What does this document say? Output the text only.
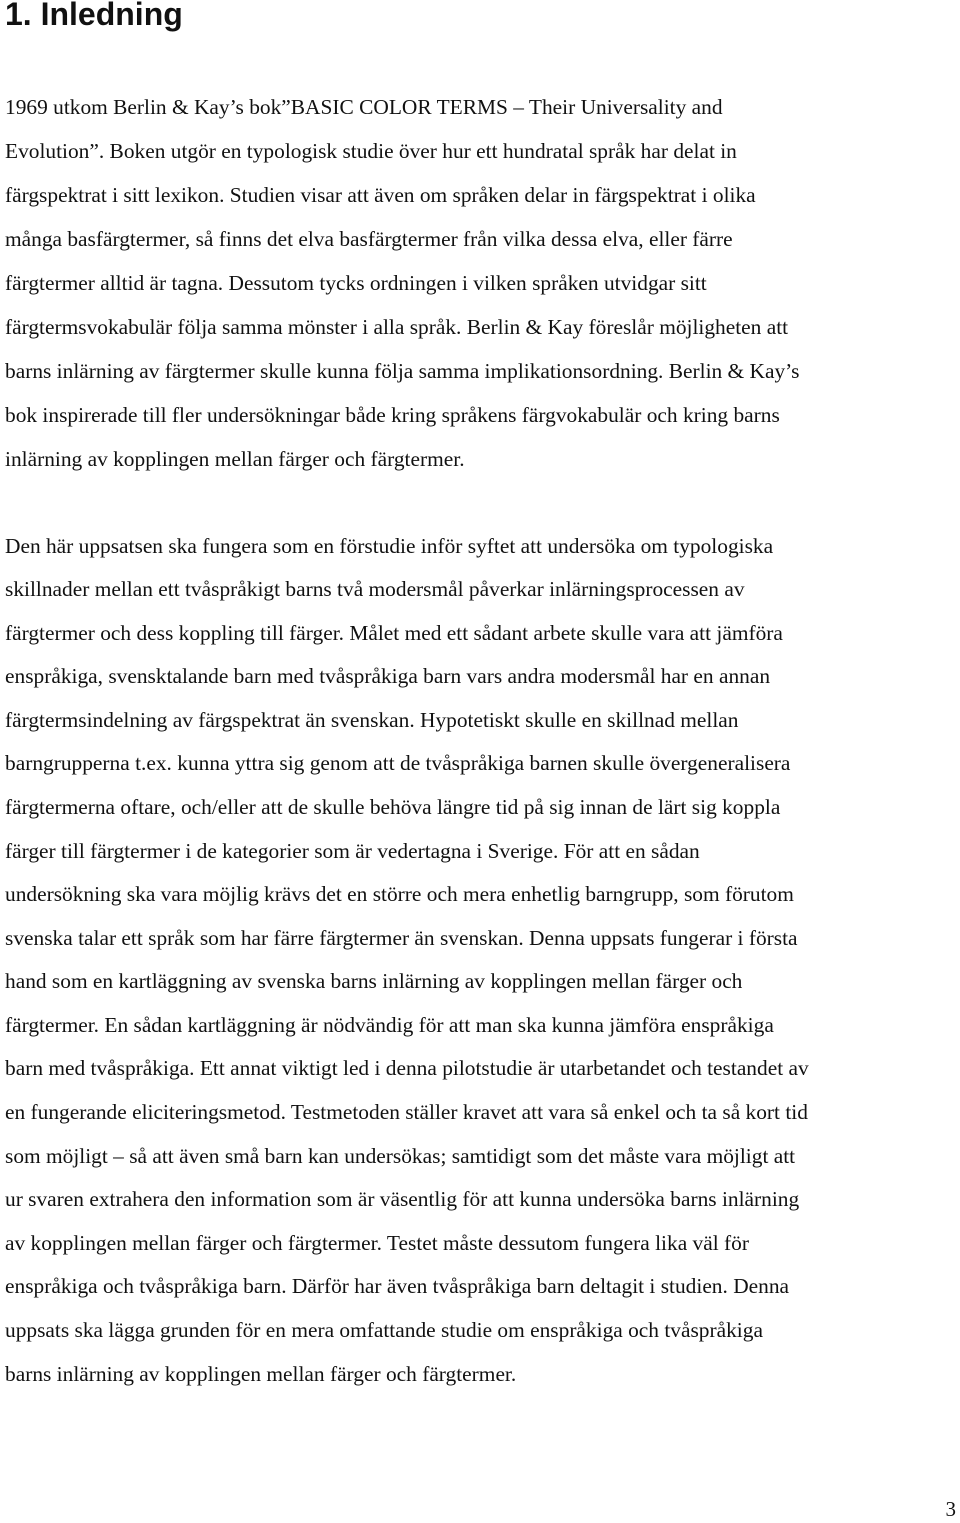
1. Inledning

1969 utkom Berlin & Kay’s bok”BASIC COLOR TERMS – Their Universality and

Evolution”. Boken utgör en typologisk studie över hur ett hundratal språk har delat in

färgspektrat i sitt lexikon. Studien visar att även om språken delar in färgspektrat i olika

många basfärgtermer, så finns det elva basfärgtermer från vilka dessa elva, eller färre

färgtermer alltid är tagna. Dessutom tycks ordningen i vilken språken utvidgar sitt

färgtermsvokabulär följa samma mönster i alla språk. Berlin & Kay föreslår möjligheten att

barns inlärning av färgtermer skulle kunna följa samma implikationsordning. Berlin & Kay’s

bok inspirerade till fler undersökningar både kring språkens färgvokabulär och kring barns

inlärning av kopplingen mellan färger och färgtermer.

Den här uppsatsen ska fungera som en förstudie inför syftet att undersöka om typologiska

skillnader mellan ett tvåspråkigt barns två modersmål påverkar inlärningsprocessen av

färgtermer och dess koppling till färger. Målet med ett sådant arbete skulle vara att jämföra

enspråkiga, svensktalande barn med tvåspråkiga barn vars andra modersmål har en annan

färgtermsindelning av färgspektrat än svenskan. Hypotetiskt skulle en skillnad mellan

barngrupperna t.ex. kunna yttra sig genom att de tvåspråkiga barnen skulle övergeneralisera

färgtermerna oftare, och/eller att de skulle behöva längre tid på sig innan de lärt sig koppla

färger till färgtermer i de kategorier som är vedertagna i Sverige. För att en sådan

undersökning ska vara möjlig krävs det en större och mera enhetlig barngrupp, som förutom

svenska talar ett språk som har färre färgtermer än svenskan. Denna uppsats fungerar i första

hand som en kartläggning av svenska barns inlärning av kopplingen mellan färger och

färgtermer. En sådan kartläggning är nödvändig för att man ska kunna jämföra enspråkiga

barn med tvåspråkiga. Ett annat viktigt led i denna pilotstudie är utarbetandet och testandet av

en fungerande eliciteringsmetod. Testmetoden ställer kravet att vara så enkel och ta så kort tid

som möjligt – så att även små barn kan undersökas; samtidigt som det måste vara möjligt att

ur svaren extrahera den information som är väsentlig för att kunna undersöka barns inlärning

av kopplingen mellan färger och färgtermer. Testet måste dessutom fungera lika väl för

enspråkiga och tvåspråkiga barn. Därför har även tvåspråkiga barn deltagit i studien. Denna

uppsats ska lägga grunden för en mera omfattande studie om enspråkiga och tvåspråkiga

barns inlärning av kopplingen mellan färger och färgtermer.

3
